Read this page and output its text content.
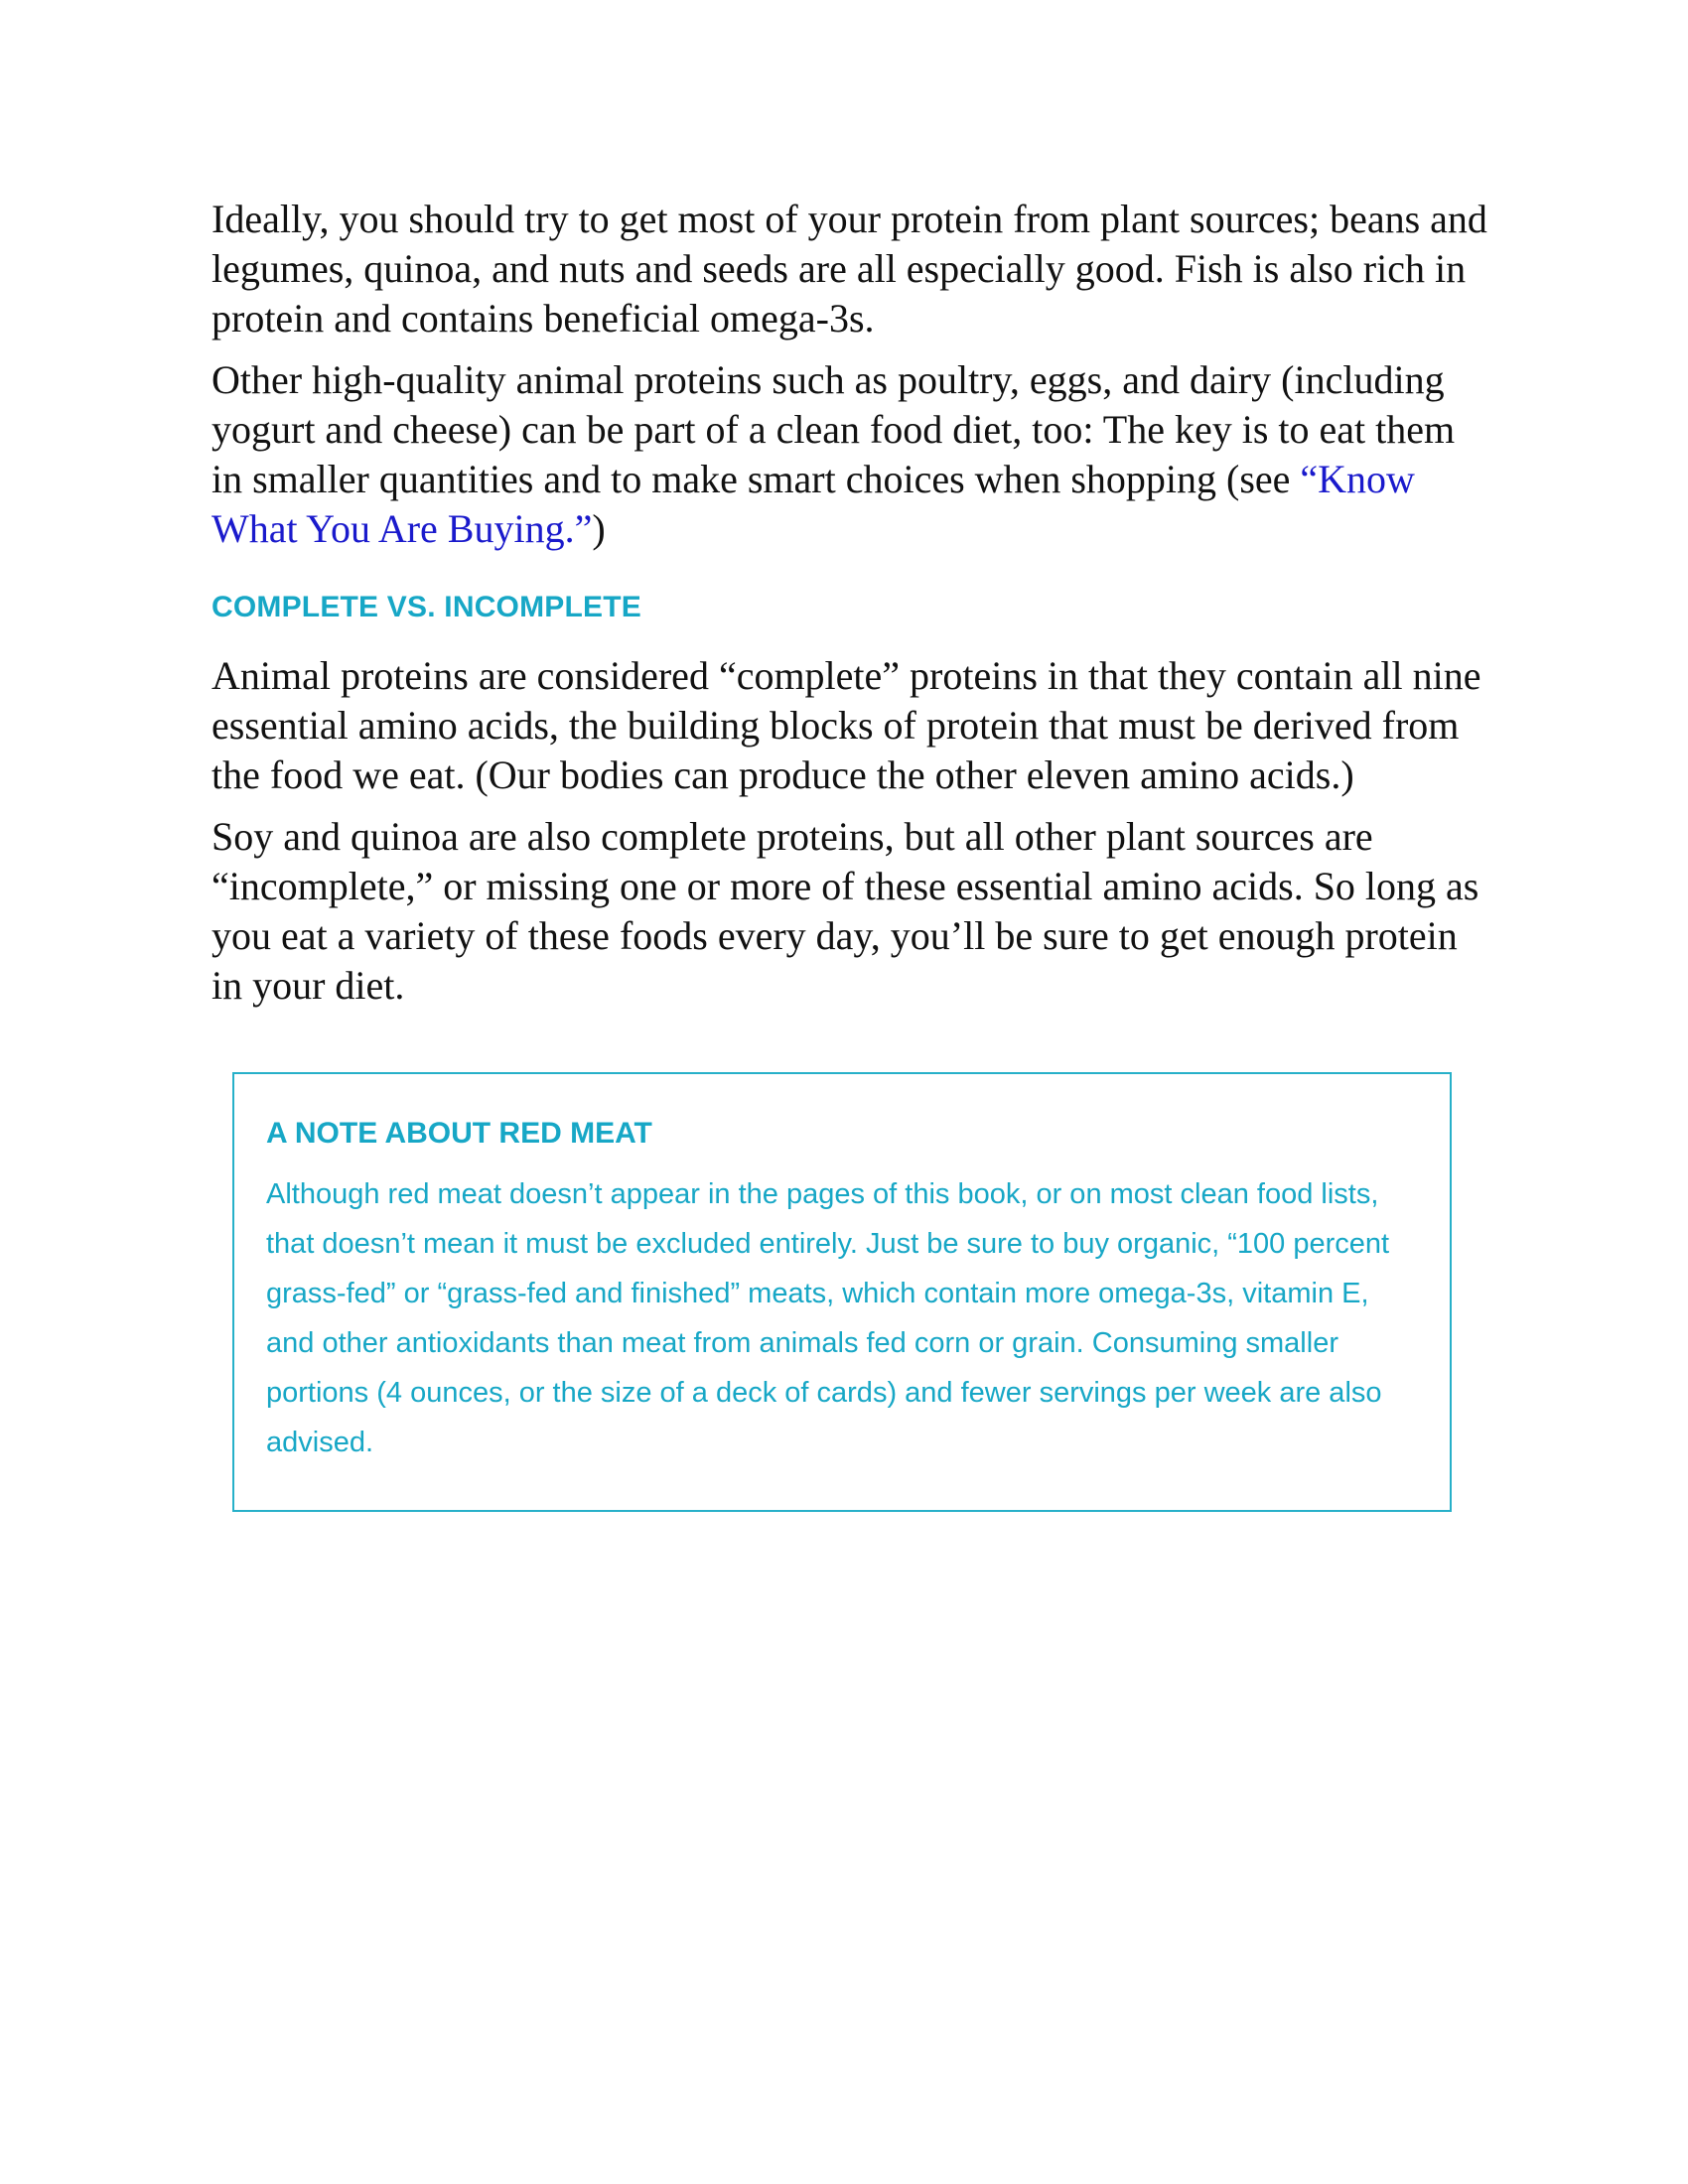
Ideally, you should try to get most of your protein from plant sources; beans and legumes, quinoa, and nuts and seeds are all especially good. Fish is also rich in protein and contains beneficial omega-3s.

Other high-quality animal proteins such as poultry, eggs, and dairy (including yogurt and cheese) can be part of a clean food diet, too: The key is to eat them in smaller quantities and to make smart choices when shopping (see “Know What You Are Buying.”)

COMPLETE VS. INCOMPLETE

Animal proteins are considered “complete” proteins in that they contain all nine essential amino acids, the building blocks of protein that must be derived from the food we eat. (Our bodies can produce the other eleven amino acids.)

Soy and quinoa are also complete proteins, but all other plant sources are “incomplete,” or missing one or more of these essential amino acids. So long as you eat a variety of these foods every day, you’ll be sure to get enough protein in your diet.

A NOTE ABOUT RED MEAT

Although red meat doesn’t appear in the pages of this book, or on most clean food lists, that doesn’t mean it must be excluded entirely. Just be sure to buy organic, “100 percent grass-fed” or “grass-fed and finished” meats, which contain more omega-3s, vitamin E, and other antioxidants than meat from animals fed corn or grain. Consuming smaller portions (4 ounces, or the size of a deck of cards) and fewer servings per week are also advised.
